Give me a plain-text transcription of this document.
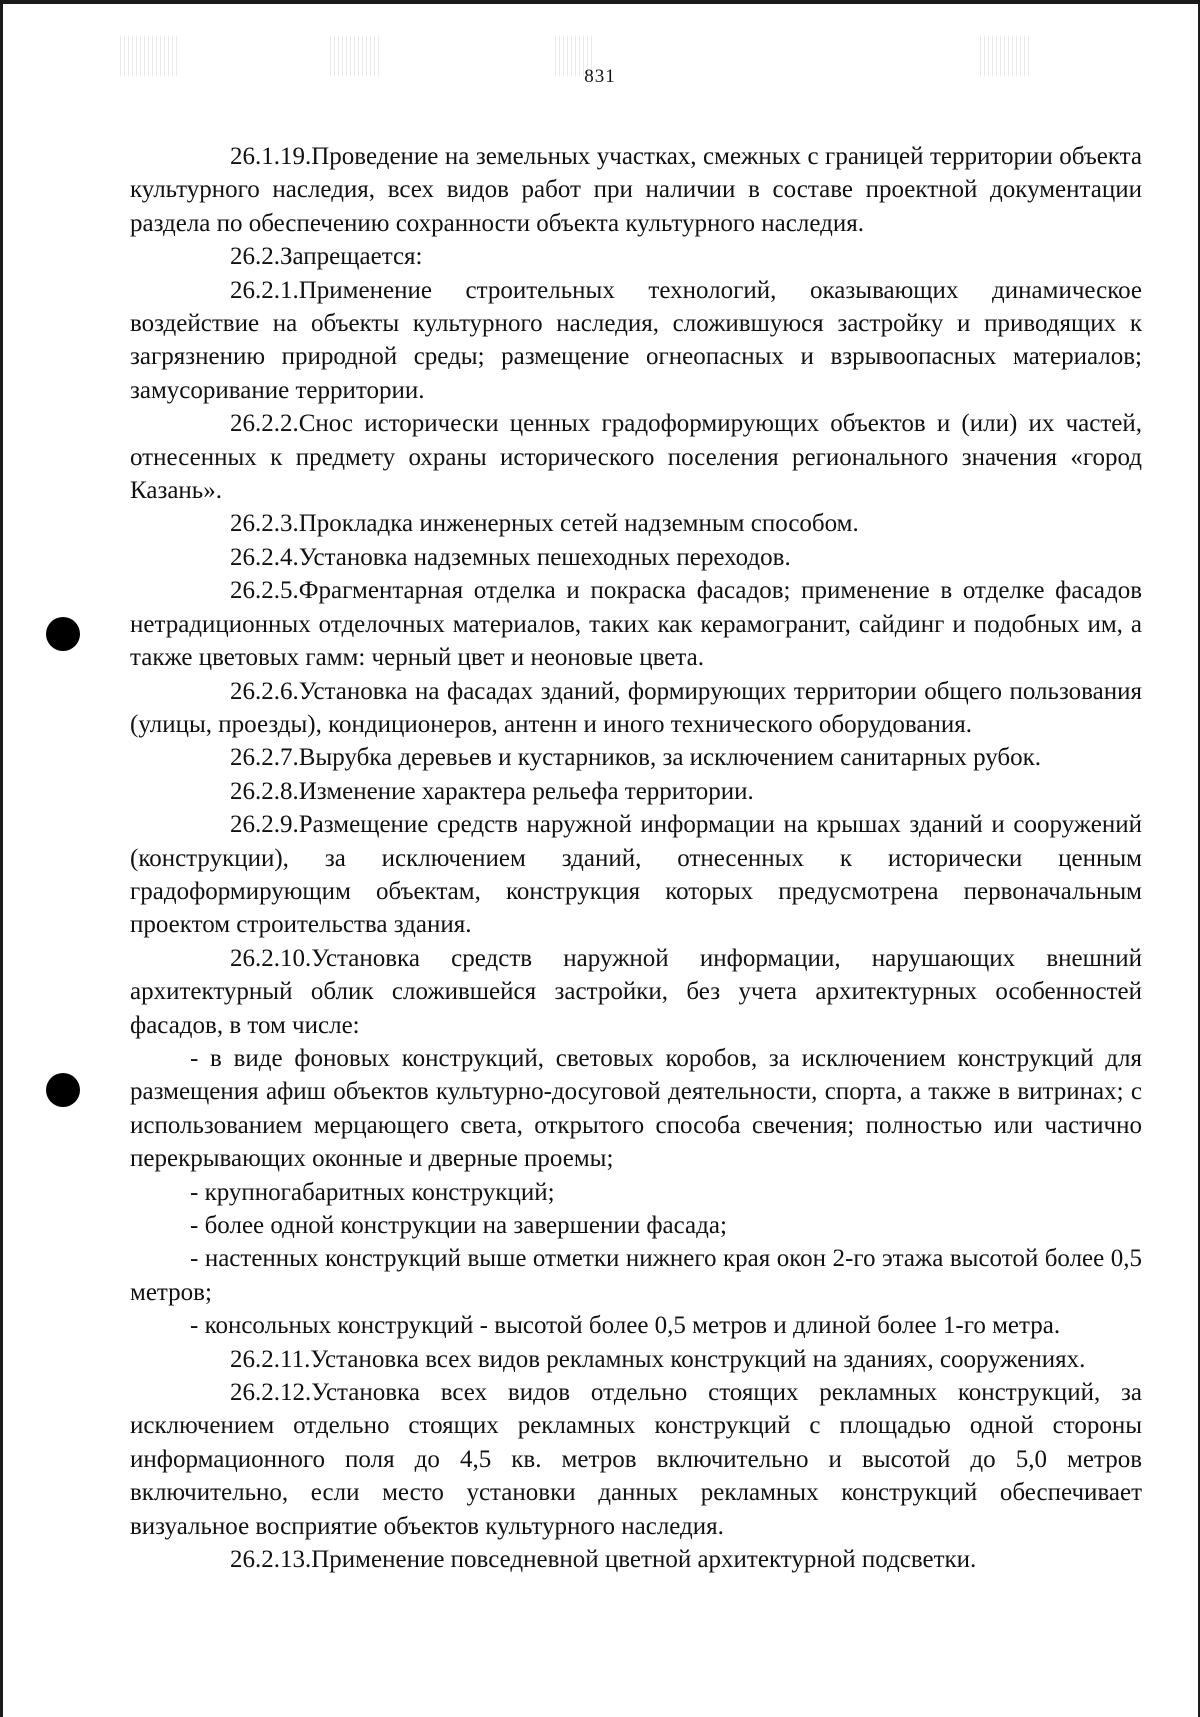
831

26.1.19.Проведение на земельных участках, смежных с границей территории объекта культурного наследия, всех видов работ при наличии в составе проектной документации раздела по обеспечению сохранности объекта культурного наследия.

26.2.Запрещается:

26.2.1.Применение строительных технологий, оказывающих динамическое воздействие на объекты культурного наследия, сложившуюся застройку и приводящих к загрязнению природной среды; размещение огнеопасных и взрывоопасных материалов; замусоривание территории.

26.2.2.Снос исторически ценных градоформирующих объектов и (или) их частей, отнесенных к предмету охраны исторического поселения регионального значения «город Казань».

26.2.3.Прокладка инженерных сетей надземным способом.

26.2.4.Установка надземных пешеходных переходов.

26.2.5.Фрагментарная отделка и покраска фасадов; применение в отделке фасадов нетрадиционных отделочных материалов, таких как керамогранит, сайдинг и подобных им, а также цветовых гамм: черный цвет и неоновые цвета.

26.2.6.Установка на фасадах зданий, формирующих территории общего пользования (улицы, проезды), кондиционеров, антенн и иного технического оборудования.

26.2.7.Вырубка деревьев и кустарников, за исключением санитарных рубок.

26.2.8.Изменение характера рельефа территории.

26.2.9.Размещение средств наружной информации на крышах зданий и сооружений (конструкции), за исключением зданий, отнесенных к исторически ценным градоформирующим объектам, конструкция которых предусмотрена первоначальным проектом строительства здания.

26.2.10.Установка средств наружной информации, нарушающих внешний архитектурный облик сложившейся застройки, без учета архитектурных особенностей фасадов, в том числе:

- в виде фоновых конструкций, световых коробов, за исключением конструкций для размещения афиш объектов культурно-досуговой деятельности, спорта, а также в витринах; с использованием мерцающего света, открытого способа свечения; полностью или частично перекрывающих оконные и дверные проемы;

- крупногабаритных конструкций;

- более одной конструкции на завершении фасада;

- настенных конструкций выше отметки нижнего края окон 2-го этажа высотой более 0,5 метров;

- консольных конструкций - высотой более 0,5 метров и длиной более 1-го метра.

26.2.11.Установка всех видов рекламных конструкций на зданиях, сооружениях.

26.2.12.Установка всех видов отдельно стоящих рекламных конструкций, за исключением отдельно стоящих рекламных конструкций с площадью одной стороны информационного поля до 4,5 кв. метров включительно и высотой до 5,0 метров включительно, если место установки данных рекламных конструкций обеспечивает визуальное восприятие объектов культурного наследия.

26.2.13.Применение повседневной цветной архитектурной подсветки.
